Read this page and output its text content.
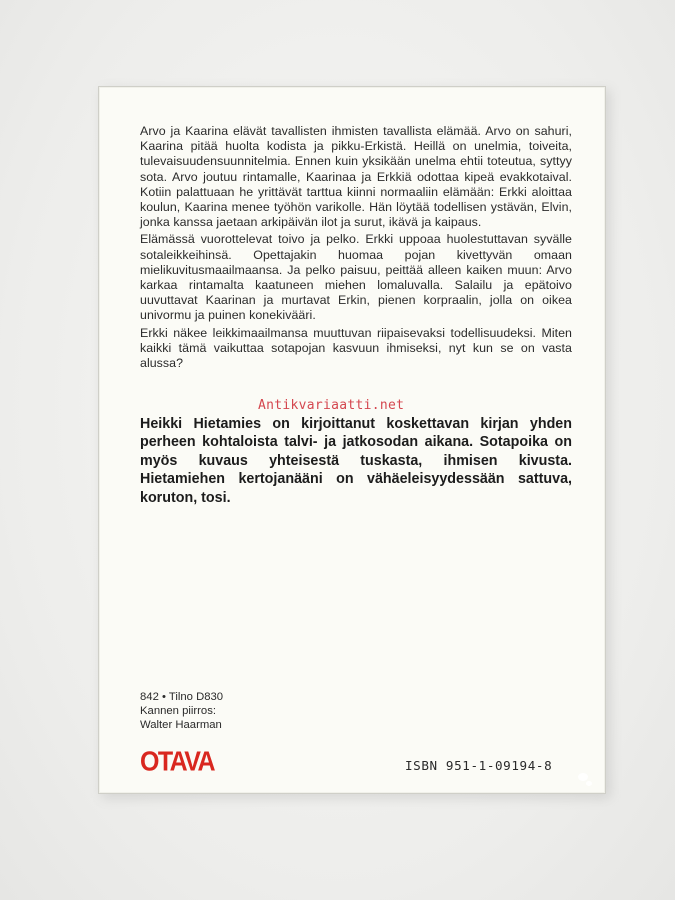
Arvo ja Kaarina elävät tavallisten ihmisten tavallista elämää. Arvo on sahuri, Kaarina pitää huolta kodista ja pikku-Erkistä. Heillä on unelmia, toiveita, tulevaisuudensuunnitelmia. Ennen kuin yksikään unelma ehtii toteutua, syttyy sota. Arvo joutuu rintamalle, Kaarinaa ja Erkkiä odottaa kipeä evakkotaival. Kotiin palattuaan he yrittävät tarttua kiinni normaaliin elämään: Erkki aloittaa koulun, Kaarina menee työhön varikolle. Hän löytää todellisen ystävän, Elvin, jonka kanssa jaetaan arkipäivän ilot ja surut, ikävä ja kaipaus.

Elämässä vuorottelevat toivo ja pelko. Erkki uppoaa huolestuttavan syvälle sotaleikkeihinsä. Opettajakin huomaa pojan kivettyvän omaan mielikuvitusmaailmaansa. Ja pelko paisuu, peittää alleen kaiken muun: Arvo karkaa rintamalta kaatuneen miehen lomaluvalla. Salailu ja epätoivo uuvuttavat Kaarinan ja murtavat Erkin, pienen korpraalin, jolla on oikea univormu ja puinen konekivääri.

Erkki näkee leikkimaailmansa muuttuvan riipaisevaksi todellisuudeksi. Miten kaikki tämä vaikuttaa sotapojan kasvuun ihmiseksi, nyt kun se on vasta alussa?

Antikvariaatti.net
Heikki Hietamies on kirjoittanut koskettavan kirjan yhden perheen kohtaloista talvi- ja jatkosodan aikana. Sotapoika on myös kuvaus yhteisestä tuskasta, ihmisen kivusta. Hietamiehen kertojanääni on vähäeleisyydessään sattuva, koruton, tosi.
842 • Tilno D830
Kannen piirros:
Walter Haarman
OTAVA	ISBN 951-1-09194-8
